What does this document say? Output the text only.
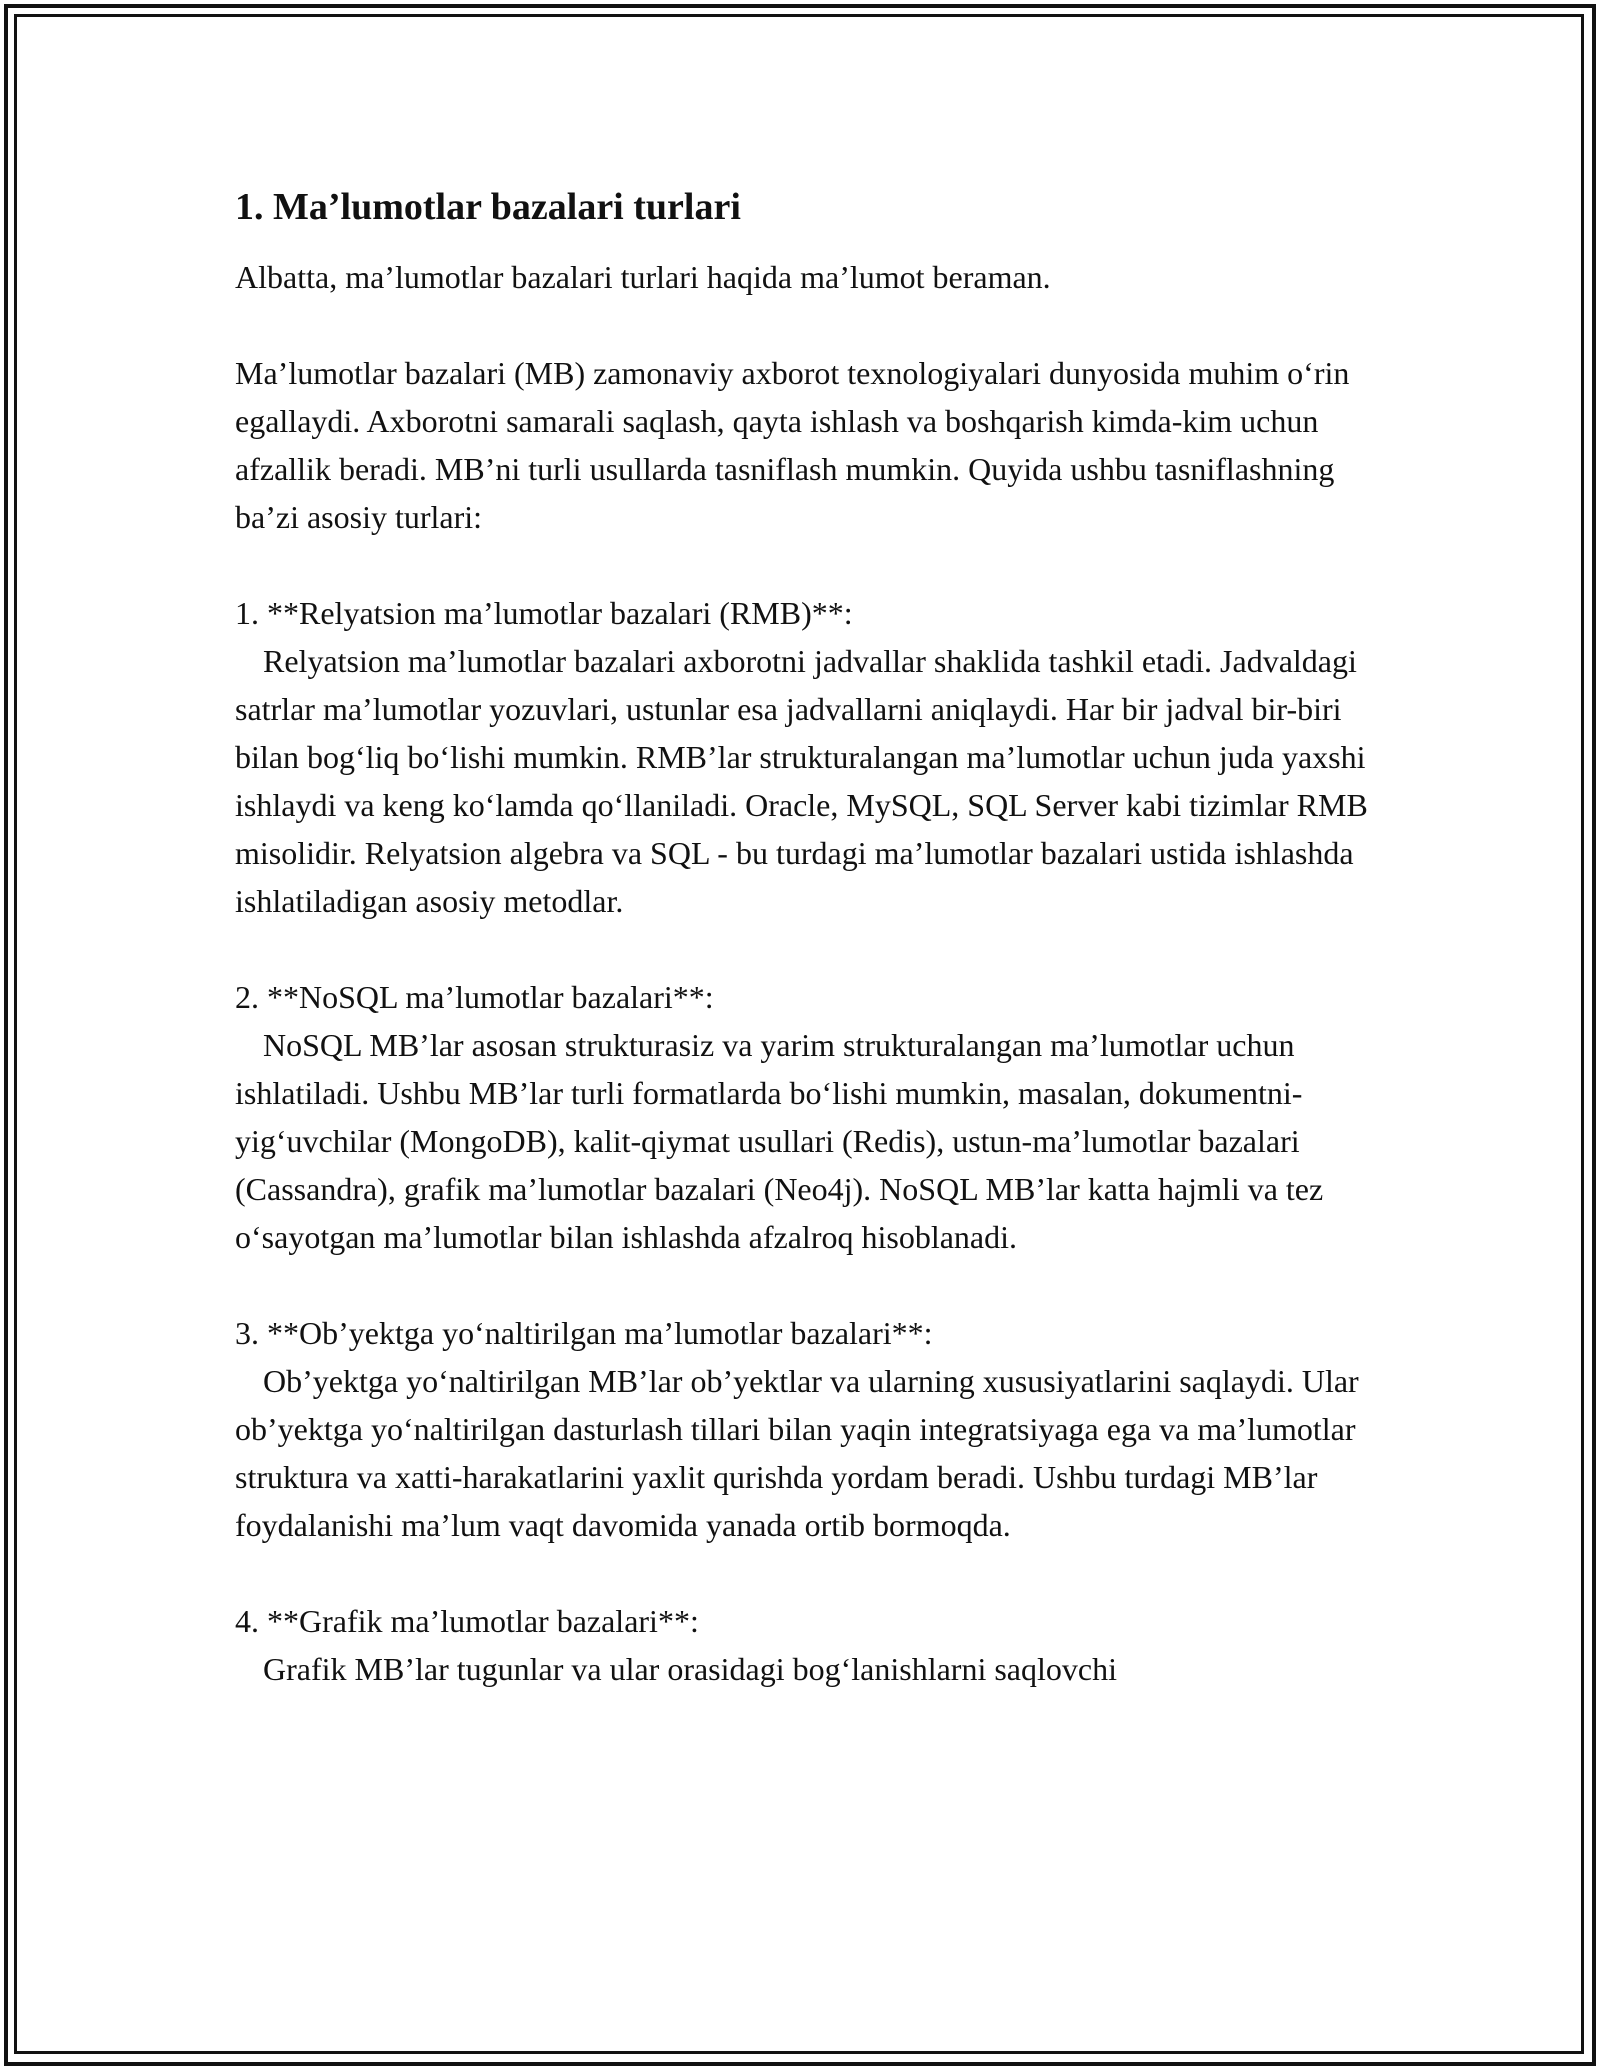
1. Ma’lumotlar bazalari turlari

Albatta, ma’lumotlar bazalari turlari haqida ma’lumot beraman.

Ma’lumotlar bazalari (MB) zamonaviy axborot texnologiyalari dunyosida muhim o‘rin egallaydi. Axborotni samarali saqlash, qayta ishlash va boshqarish kimda-kim uchun afzallik beradi. MB’ni turli usullarda tasniflash mumkin. Quyida ushbu tasniflashning ba’zi asosiy turlari:

1. **Relyatsion ma’lumotlar bazalari (RMB)**:

Relyatsion ma’lumotlar bazalari axborotni jadvallar shaklida tashkil etadi. Jadvaldagi satrlar ma’lumotlar yozuvlari, ustunlar esa jadvallarni aniqlaydi. Har bir jadval bir-biri bilan bog‘liq bo‘lishi mumkin. RMB’lar strukturalangan ma’lumotlar uchun juda yaxshi ishlaydi va keng ko‘lamda qo‘llaniladi. Oracle, MySQL, SQL Server kabi tizimlar RMB misolidir. Relyatsion algebra va SQL - bu turdagi ma’lumotlar bazalari ustida ishlashda ishlatiladigan asosiy metodlar.

2. **NoSQL ma’lumotlar bazalari**:

NoSQL MB’lar asosan strukturasiz va yarim strukturalangan ma’lumotlar uchun ishlatiladi. Ushbu MB’lar turli formatlarda bo‘lishi mumkin, masalan, dokumentni-yig‘uvchilar (MongoDB), kalit-qiymat usullari (Redis), ustun-ma’lumotlar bazalari (Cassandra), grafik ma’lumotlar bazalari (Neo4j). NoSQL MB’lar katta hajmli va tez o‘sayotgan ma’lumotlar bilan ishlashda afzalroq hisoblanadi.

3. **Ob’yektga yo‘naltirilgan ma’lumotlar bazalari**:

Ob’yektga yo‘naltirilgan MB’lar ob’yektlar va ularning xususiyatlarini saqlaydi. Ular ob’yektga yo‘naltirilgan dasturlash tillari bilan yaqin integratsiyaga ega va ma’lumotlar struktura va xatti-harakatlarini yaxlit qurishda yordam beradi. Ushbu turdagi MB’lar foydalanishi ma’lum vaqt davomida yanada ortib bormoqda.

4. **Grafik ma’lumotlar bazalari**:

Grafik MB’lar tugunlar va ular orasidagi bog‘lanishlarni saqlovchi
